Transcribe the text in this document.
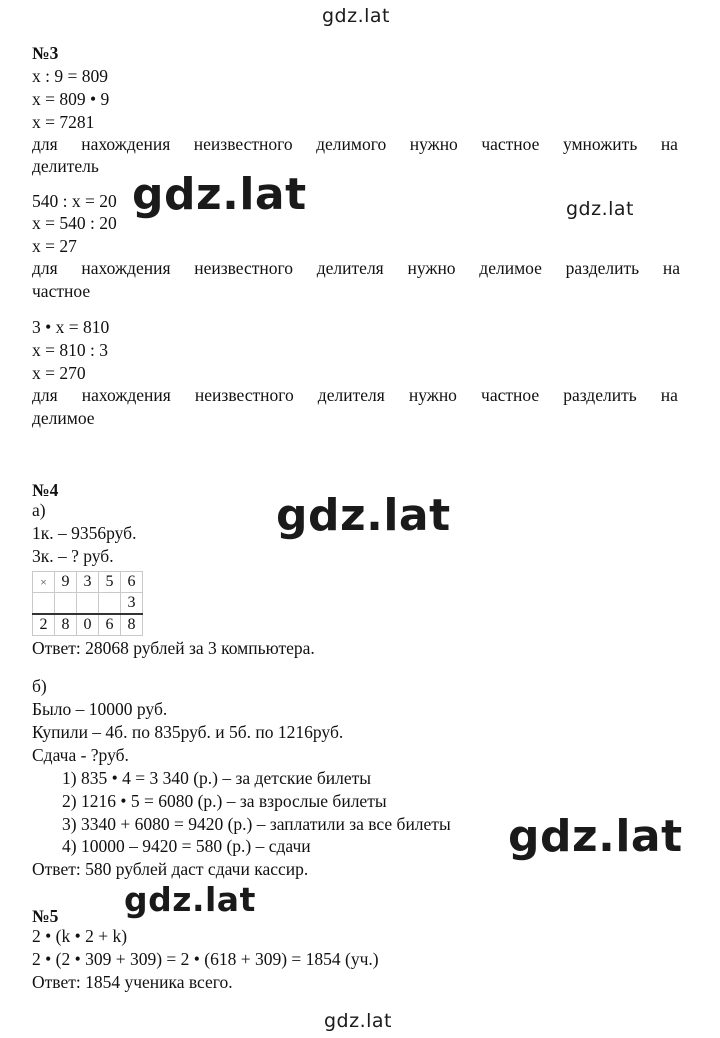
gdz.lat
gdz.lat	gdz.lat
gdz.lat
gdz.lat
gdz.lat
gdz.lat
№3
x : 9 = 809
x = 809 • 9
x = 7281
для нахождения неизвестного делимого нужно частное умножить на
делитель
540 : x = 20
x = 540 : 20
x = 27
для нахождения неизвестного делителя нужно делимое разделить на
частное
3 • x = 810
x = 810 : 3
x = 270
для нахождения неизвестного делителя нужно частное разделить на
делимое
№4
а)
1к. – 9356руб.
3к. – ? руб.
×	9	3	5	6
				3
2	8	0	6	8
Ответ: 28068 рублей за 3 компьютера.
б)
Было – 10000 руб.
Купили – 4б. по 835руб. и 5б. по 1216руб.
Сдача - ?руб.
1) 835 • 4 = 3 340 (р.) – за детские билеты
2) 1216 • 5 = 6080 (р.) – за взрослые билеты
3) 3340 + 6080 = 9420 (р.) – заплатили за все билеты
4) 10000 – 9420 = 580 (р.) – сдачи
Ответ: 580 рублей даст сдачи кассир.
№5
2 • (k • 2 + k)
2 • (2 • 309 + 309) = 2 • (618 + 309) = 1854 (уч.)
Ответ: 1854 ученика всего.
